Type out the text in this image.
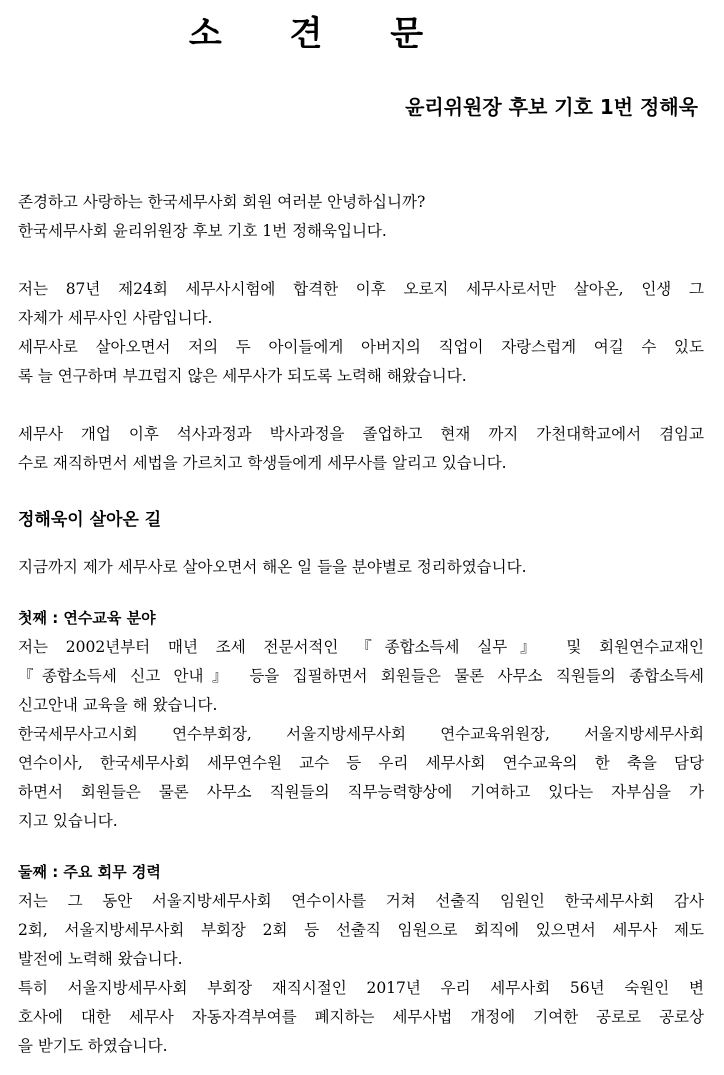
소 견 문
윤리위원장 후보 기호 1번 정해욱
존경하고 사랑하는 한국세무사회 회원 여러분 안녕하십니까?
한국세무사회 윤리위원장 후보 기호 1번 정해욱입니다.
저는 87년 제24회 세무사시험에 합격한 이후 오로지 세무사로서만 살아온, 인생 그
자체가 세무사인 사람입니다.
세무사로 살아오면서 저의 두 아이들에게 아버지의 직업이 자랑스럽게 여길 수 있도
록 늘 연구하며 부끄럽지 않은 세무사가 되도록 노력해 해왔습니다.
세무사 개업 이후 석사과정과 박사과정을 졸업하고 현재 까지 가천대학교에서 겸임교
수로 재직하면서 세법을 가르치고 학생들에게 세무사를 알리고 있습니다.
정해욱이 살아온 길
지금까지 제가 세무사로 살아오면서 해온 일 들을 분야별로 정리하였습니다.
첫째 : 연수교육 분야
저는 2002년부터 매년 조세 전문서적인 『종합소득세 실무』 및 회원연수교재인
『종합소득세 신고 안내』 등을 집필하면서 회원들은 물론 사무소 직원들의 종합소득세
신고안내 교육을 해 왔습니다.
한국세무사고시회 연수부회장, 서울지방세무사회 연수교육위원장, 서울지방세무사회
연수이사, 한국세무사회 세무연수원 교수 등 우리 세무사회 연수교육의 한 축을 담당
하면서 회원들은 물론 사무소 직원들의 직무능력향상에 기여하고 있다는 자부심을 가
지고 있습니다.
둘째 : 주요 회무 경력
저는 그 동안 서울지방세무사회 연수이사를 거쳐 선출직 임원인 한국세무사회 감사
2회, 서울지방세무사회 부회장 2회 등 선출직 임원으로 회직에 있으면서 세무사 제도
발전에 노력해 왔습니다.
특히 서울지방세무사회 부회장 재직시절인 2017년 우리 세무사회 56년 숙원인 변
호사에 대한 세무사 자동자격부여를 폐지하는 세무사법 개정에 기여한 공로로 공로상
을 받기도 하였습니다.
